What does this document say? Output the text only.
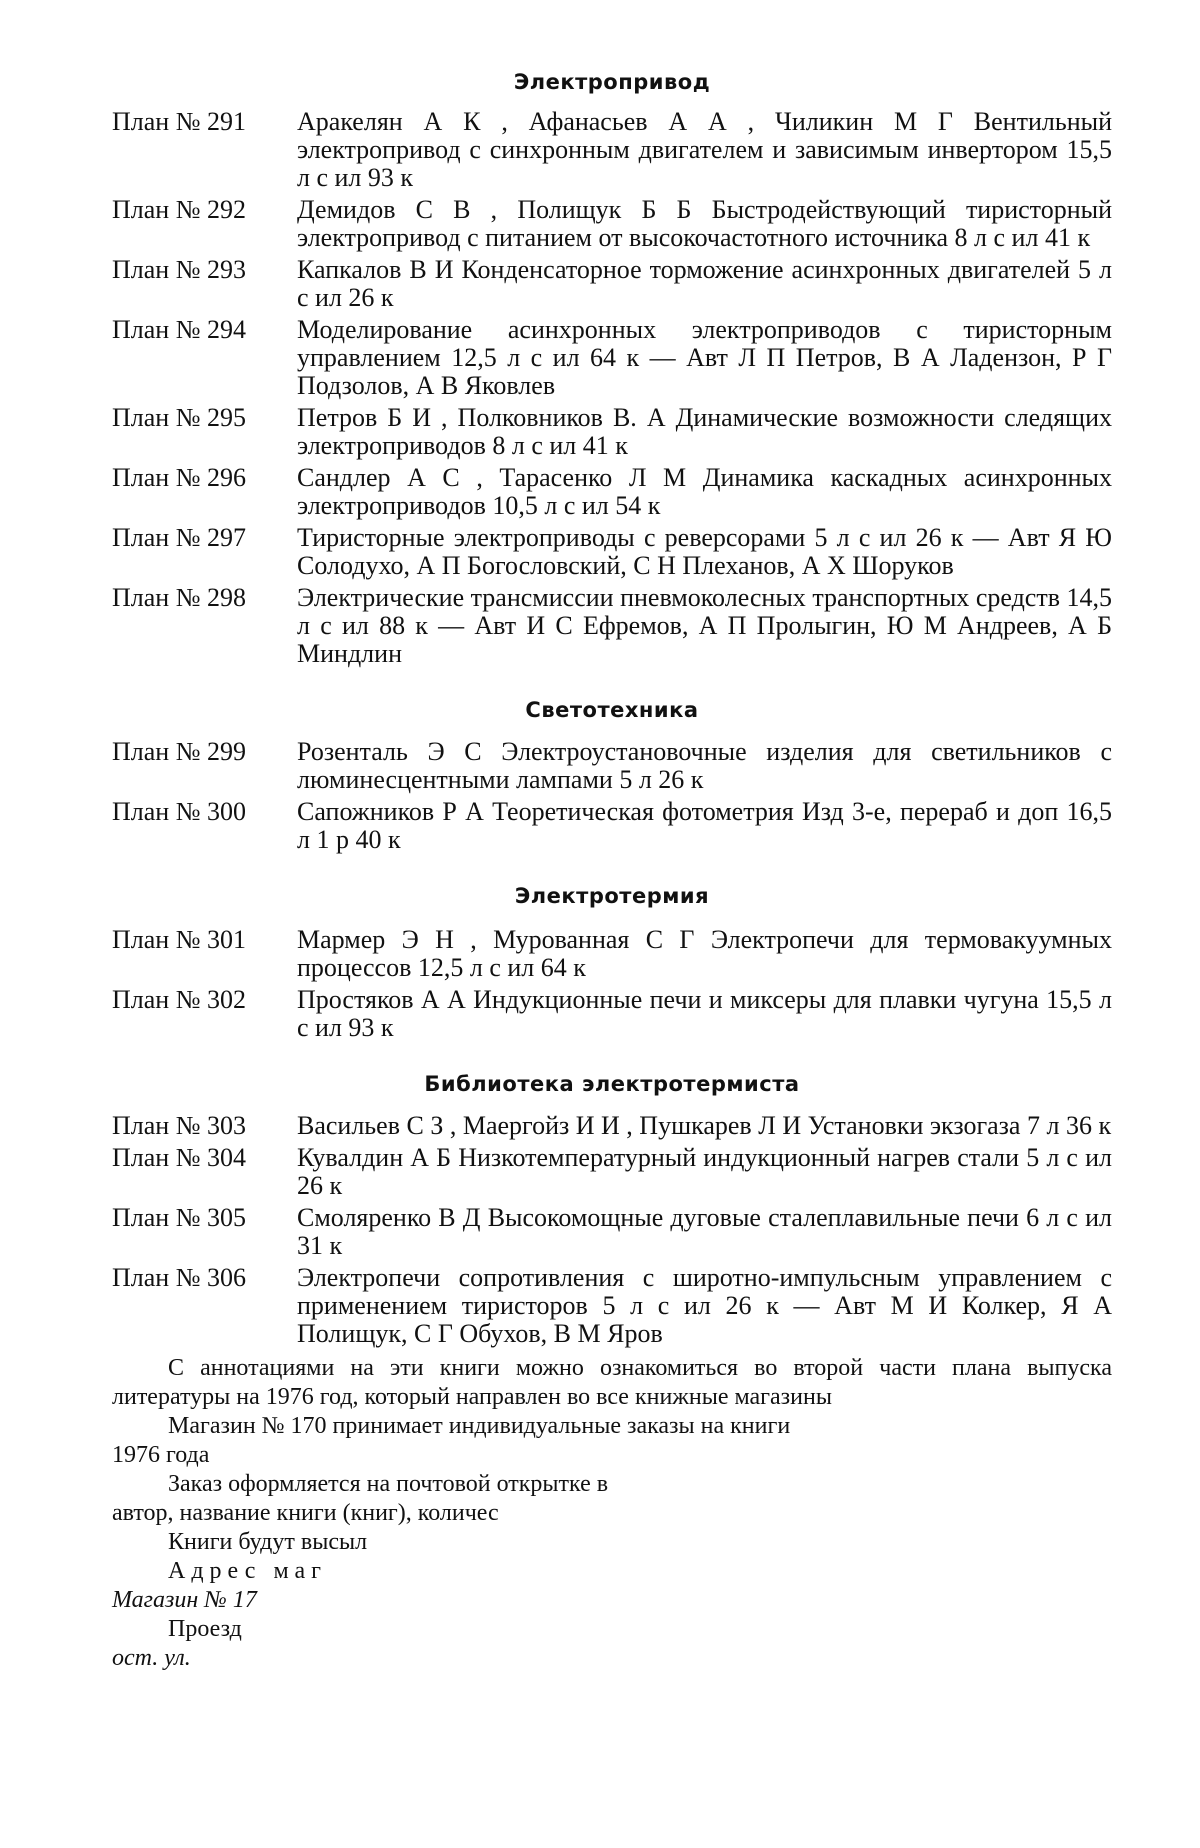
Электропривод
План № 291	Аракелян А К , Афанасьев А А , Чиликин М Г Вентильный электропривод с синхронным двигателем и зависимым инвертором 15,5 л с ил 93 к
План № 292	Демидов С В , Полищук Б Б Быстродействующий тиристорный электропривод с питанием от высокочастотного источника 8 л с ил 41 к
План № 293	Капкалов В И Конденсаторное торможение асинхронных двигателей 5 л с ил 26 к
План № 294	Моделирование асинхронных электроприводов с тиристорным управлением 12,5 л с ил 64 к — Авт Л П Петров, В А Ладензон, Р Г Подзолов, А В Яковлев
План № 295	Петров Б И , Полковников В. А Динамические возможности следящих электроприводов 8 л с ил 41 к
План № 296	Сандлер А С , Тарасенко Л М Динамика каскадных асинхронных электроприводов 10,5 л с ил 54 к
План № 297	Тиристорные электроприводы с реверсорами 5 л с ил 26 к — Авт Я Ю Солодухо, А П Богословский, С Н Плеханов, А Х Шоруков
План № 298	Электрические трансмиссии пневмоколесных транспортных средств 14,5 л с ил 88 к — Авт И С Ефремов, А П Пролыгин, Ю М Андреев, А Б Миндлин
Светотехника
План № 299	Розенталь Э С Электроустановочные изделия для светильников с люминесцентными лампами 5 л 26 к
План № 300	Сапожников Р А Теоретическая фотометрия Изд 3-е, перераб и доп 16,5 л 1 р 40 к
Электротермия
План № 301	Мармер Э Н , Мурованная С Г Электропечи для термовакуумных процессов 12,5 л с ил 64 к
План № 302	Простяков А А Индукционные печи и миксеры для плавки чугуна 15,5 л с ил 93 к
Библиотека электротермиста
План № 303	Васильев С З , Маергойз И И , Пушкарев Л И Установки экзогаза 7 л 36 к
План № 304	Кувалдин А Б Низкотемпературный индукционный нагрев стали 5 л с ил 26 к
План № 305	Смоляренко В Д Высокомощные дуговые сталеплавильные печи 6 л с ил 31 к
План № 306	Электропечи сопротивления с широтно-импульсным управлением с применением тиристоров 5 л с ил 26 к — Авт М И Колкер, Я А Полищук, С Г Обухов, В М Яров
С аннотациями на эти книги можно ознакомиться во второй части плана выпуска литературы на 1976 год, который направлен во все книжные магазины
Магазин № 170 принимает индивидуальные заказы на книги
1976 года
Заказ оформляется на почтовой открытке в
автор, название книги (книг), количес
Книги будут высыл
Адрес маг
Магазин № 17
Проезд
ост. ул.
